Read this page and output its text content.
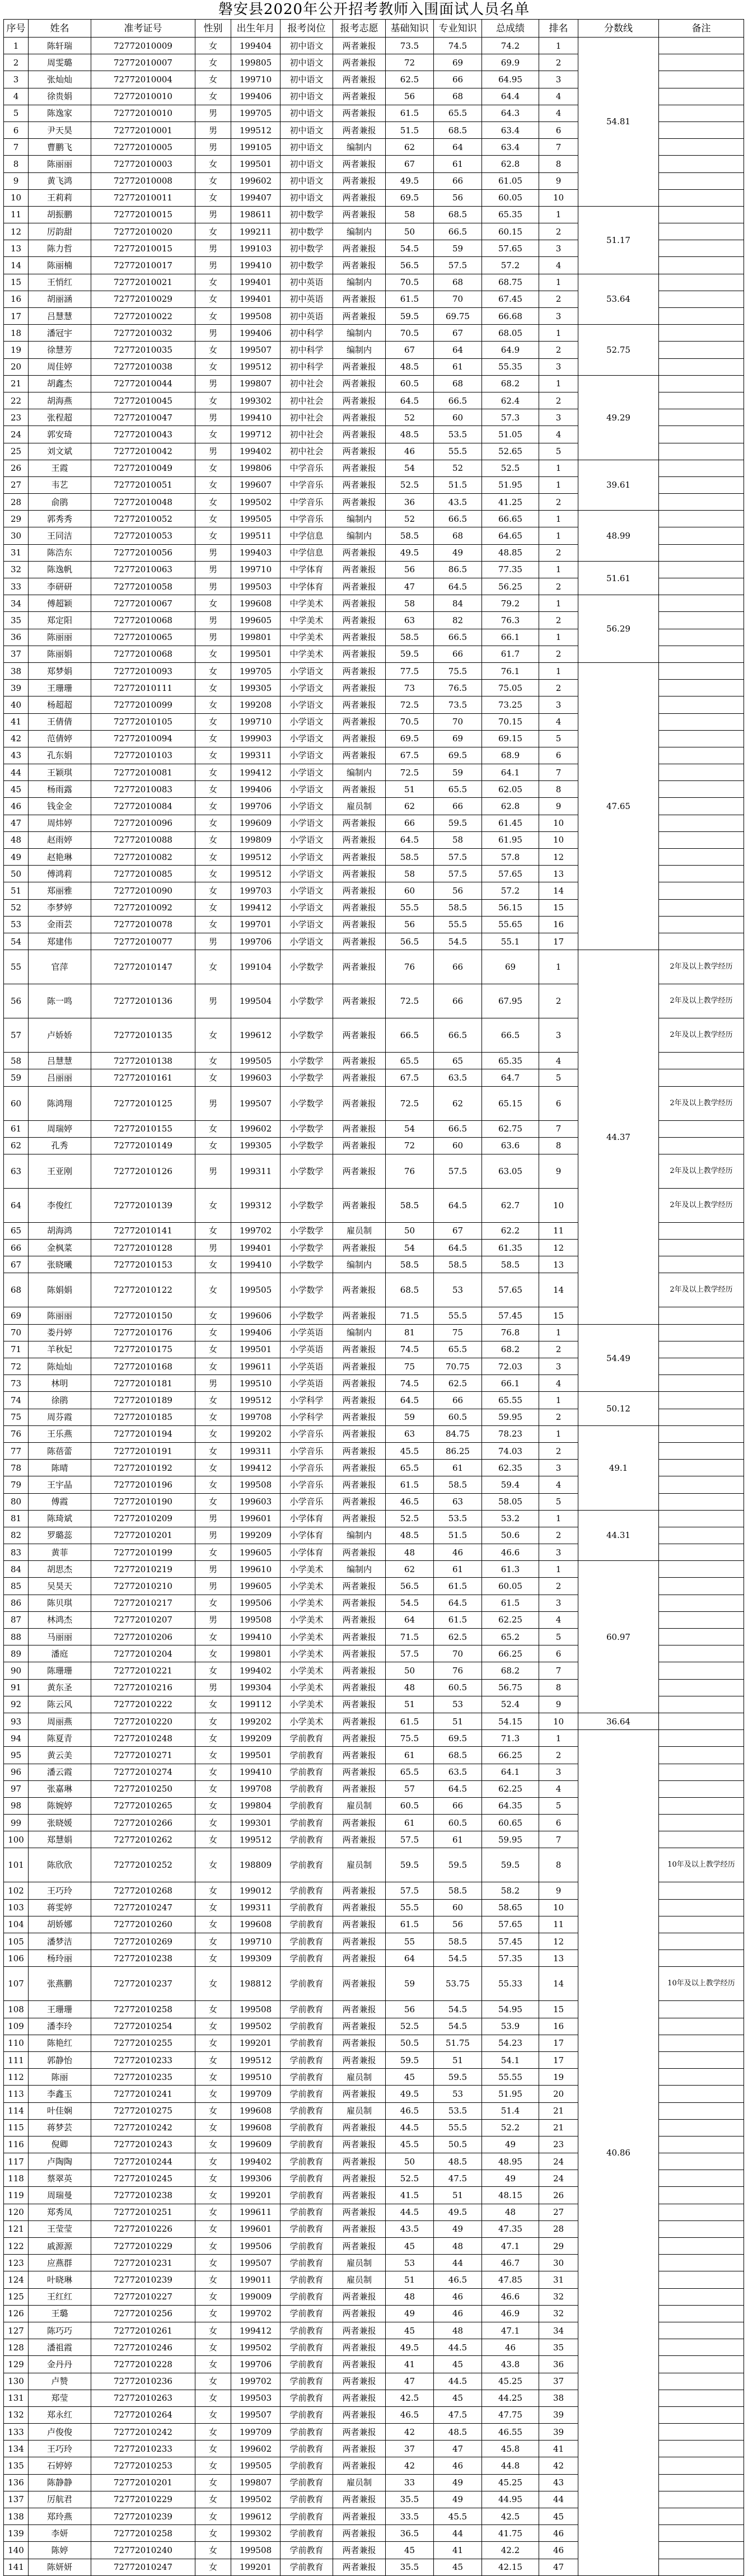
磐安县2020年公开招考教师入围面试人员名单
序号	姓名	准考证号	性别	出生年月	报考岗位	报考志愿	基础知识	专业知识	总成绩	排名	分数线	备注
1	陈轩瑞	72772010009	女	199404	初中语文	两者兼报	73.5	74.5	74.2	1	54.81	
2	周雯璐	72772010007	女	199805	初中语文	两者兼报	72	69	69.9	2		
3	张灿灿	72772010004	女	199710	初中语文	两者兼报	62.5	66	64.95	3		
4	徐贵娟	72772010010	女	199406	初中语文	两者兼报	56	68	64.4	4		
5	陈逸家	72772010010	男	199705	初中语文	两者兼报	61.5	65.5	64.3	4		
6	尹天昊	72772010001	男	199512	初中语文	两者兼报	51.5	68.5	63.4	6		
7	曹鹏飞	72772010005	男	199105	初中语文	编制内	62	64	63.4	7		
8	陈丽丽	72772010003	女	199501	初中语文	两者兼报	67	61	62.8	8		
9	黄飞鸿	72772010008	女	199602	初中语文	两者兼报	49.5	66	61.05	9		
10	王莉莉	72772010011	女	199407	初中语文	两者兼报	69.5	56	60.05	10		
11	胡振鹏	72772010015	男	198611	初中数学	两者兼报	58	68.5	65.35	1	51.17	
12	厉韵甜	72772010020	女	199211	初中数学	编制内	50	66.5	60.15	2		
13	陈力哲	72772010015	男	199103	初中数学	两者兼报	54.5	59	57.65	3		
14	陈丽楠	72772010017	男	199410	初中数学	两者兼报	56.5	57.5	57.2	4		
15	王悄红	72772010021	女	199401	初中英语	编制内	70.5	68	68.75	1	53.64	
16	胡丽涵	72772010029	女	199401	初中英语	两者兼报	61.5	70	67.45	2		
17	吕慧慧	72772010022	女	199508	初中英语	两者兼报	59.5	69.75	66.68	3		
18	潘冠宇	72772010032	男	199406	初中科学	编制内	70.5	67	68.05	1	52.75	
19	徐慧芳	72772010035	女	199507	初中科学	编制内	67	64	64.9	2		
20	周佳婷	72772010038	女	199512	初中科学	两者兼报	48.5	61	55.35	3		
21	胡鑫杰	72772010044	男	199807	初中社会	两者兼报	60.5	68	68.2	1	49.29	
22	胡海燕	72772010045	女	199302	初中社会	两者兼报	64.5	66.5	62.4	2		
23	张程超	72772010047	男	199410	初中社会	两者兼报	52	60	57.3	3		
24	郭安琦	72772010043	女	199712	初中社会	两者兼报	48.5	53.5	51.05	4		
25	刘文斌	72772010042	男	199402	初中社会	两者兼报	46	55.5	52.65	5		
26	王霞	72772010049	女	199806	中学音乐	两者兼报	54	52	52.5	1	39.61	
27	韦艺	72772010051	女	199607	中学音乐	两者兼报	52.5	51.5	51.95	1		
28	俞鹃	72772010048	女	199502	中学音乐	两者兼报	36	43.5	41.25	2		
29	郭秀秀	72772010052	女	199505	中学音乐	编制内	52	66.5	66.65	1	48.99	
30	王同洁	72772010053	女	199511	中学信息	编制内	58.5	68	64.65	1		
31	陈浩东	72772010056	男	199403	中学信息	两者兼报	49.5	49	48.85	2		
32	陈逸帆	72772010063	男	199710	中学体育	两者兼报	56	86.5	77.35	1	51.61	
33	李研研	72772010058	男	199503	中学体育	两者兼报	47	64.5	56.25	2		
34	傅超颖	72772010067	女	199608	中学美术	两者兼报	58	84	79.2	1	56.29	
35	郑定阳	72772010068	男	199605	中学美术	两者兼报	63	82	76.3	2		
36	陈丽丽	72772010065	男	199801	中学美术	两者兼报	58.5	66.5	66.1	1		
37	陈丽娟	72772010068	女	199501	中学美术	两者兼报	59.5	66	61.7	2		
38	郑梦娟	72772010093	女	199705	小学语文	两者兼报	77.5	75.5	76.1	1	47.65	
39	王珊珊	72772010111	女	199305	小学语文	两者兼报	73	76.5	75.05	2		
40	杨超超	72772010099	女	199208	小学语文	两者兼报	72.5	73.5	73.25	3		
41	王倩倩	72772010105	女	199710	小学语文	两者兼报	70.5	70	70.15	4		
42	范倩婷	72772010094	女	199903	小学语文	两者兼报	69.5	69	69.15	5		
43	孔东娟	72772010103	女	199311	小学语文	两者兼报	67.5	69.5	68.9	6		
44	王颖琪	72772010081	女	199412	小学语文	编制内	72.5	59	64.1	7		
45	杨雨露	72772010083	女	199406	小学语文	两者兼报	51	65.5	62.05	8		
46	钱金金	72772010084	女	199706	小学语文	雇员制	62	66	62.8	9		
47	周炜婷	72772010096	女	199609	小学语文	两者兼报	66	59.5	61.45	10		
48	赵雨婷	72772010088	女	199809	小学语文	两者兼报	64.5	58	61.95	10		
49	赵艳琳	72772010082	女	199512	小学语文	两者兼报	58.5	57.5	57.8	12		
50	傅鸿莉	72772010085	女	199512	小学语文	两者兼报	58	57.5	57.65	13		
51	郑丽雅	72772010090	女	199703	小学语文	两者兼报	60	56	57.2	14		
52	李梦婷	72772010092	女	199412	小学语文	两者兼报	55.5	58.5	56.15	15		
53	金雨芸	72772010078	女	199701	小学语文	两者兼报	56	55.5	55.65	16		
54	郑建伟	72772010077	男	199706	小学语文	两者兼报	56.5	54.5	55.1	17		
55	官萍	72772010147	女	199104	小学数学	两者兼报	76	66	69	1	44.37	2年及以上教学经历
56	陈一鸣	72772010136	男	199504	小学数学	两者兼报	72.5	66	67.95	2		2年及以上教学经历
57	卢娇娇	72772010135	女	199612	小学数学	两者兼报	66.5	66.5	66.5	3		2年及以上教学经历
58	吕慧慧	72772010138	女	199505	小学数学	两者兼报	65.5	65	65.35	4		
59	吕丽丽	72772010161	女	199603	小学数学	两者兼报	67.5	63.5	64.7	5		
60	陈鸿翔	72772010125	男	199507	小学数学	两者兼报	72.5	62	65.15	6		2年及以上教学经历
61	周瑞婷	72772010155	女	199602	小学数学	两者兼报	54	66.5	62.75	7		
62	孔秀	72772010149	女	199305	小学数学	两者兼报	72	60	63.6	8		
63	王亚刚	72772010126	男	199311	小学数学	两者兼报	76	57.5	63.05	9		2年及以上教学经历
64	李俊红	72772010139	女	199312	小学数学	两者兼报	58.5	64.5	62.7	10		2年及以上教学经历
65	胡海鸿	72772010141	女	199702	小学数学	雇员制	50	67	62.2	11		
66	金枫菜	72772010128	男	199401	小学数学	两者兼报	54	64.5	61.35	12		
67	张晓曦	72772010153	女	199410	小学数学	编制内	58.5	58.5	58.5	13		
68	陈娟娟	72772010122	女	199505	小学数学	两者兼报	68.5	53	57.65	14		2年及以上教学经历
69	陈丽丽	72772010150	女	199606	小学数学	两者兼报	71.5	55.5	57.45	15		
70	娄丹婷	72772010176	女	199406	小学英语	编制内	81	75	76.8	1	54.49	
71	羊秋妃	72772010175	女	199501	小学英语	两者兼报	74.5	65.5	68.2	2		
72	陈灿灿	72772010168	女	199611	小学英语	两者兼报	75	70.75	72.03	3		
73	林明	72772010181	男	199510	小学英语	两者兼报	74.5	62.5	66.1	4		
74	徐鹃	72772010189	女	199512	小学科学	两者兼报	64.5	66	65.55	1	50.12	
75	周芬霞	72772010185	女	199708	小学科学	两者兼报	59	60.5	59.95	2		
76	王乐燕	72772010194	女	199202	小学音乐	两者兼报	63	84.75	78.23	1	49.1	
77	陈蓓蕾	72772010191	女	199311	小学音乐	两者兼报	45.5	86.25	74.03	2		
78	陈晴	72772010192	女	199412	小学音乐	两者兼报	65.5	61	62.35	3		
79	王宇晶	72772010196	女	199508	小学音乐	两者兼报	61.5	58.5	59.4	4		
80	傅霞	72772010190	女	199603	小学音乐	两者兼报	46.5	63	58.05	5		
81	陈琦斌	72772010209	男	199601	小学体育	两者兼报	52.5	53.5	53.2	1	44.31	
82	罗璐蕊	72772010201	男	199209	小学体育	编制内	48.5	51.5	50.6	2		
83	黄菲	72772010199	女	199605	小学体育	两者兼报	48	46	46.6	3		
84	胡思杰	72772010219	男	199610	小学美术	编制内	62	61	61.3	1	60.97	
85	吴昊天	72772010210	男	199605	小学美术	两者兼报	56.5	61.5	60.05	2		
86	陈贝琪	72772010217	女	199506	小学美术	两者兼报	54.5	64.5	61.5	3		
87	林鸿杰	72772010207	男	199508	小学美术	两者兼报	64	61.5	62.25	4		
88	马丽丽	72772010206	女	199410	小学美术	两者兼报	71.5	62.5	65.2	5		
89	潘庭	72772010204	女	199801	小学美术	两者兼报	57.5	70	66.25	6		
90	陈珊珊	72772010221	女	199402	小学美术	两者兼报	50	76	68.2	7		
91	黄东圣	72772010216	男	199304	小学美术	两者兼报	48	60.5	56.75	8		
92	陈云风	72772010222	女	199112	小学美术	两者兼报	51	53	52.4	9		
93	周丽燕	72772010220	女	199202	小学美术	两者兼报	61.5	51	54.15	10	36.64	
94	陈夏青	72772010248	女	199209	学前教育	两者兼报	75.5	69.5	71.3	1	40.86	
95	黄云美	72772010271	女	199501	学前教育	两者兼报	61	68.5	66.25	2		
96	潘云霞	72772010274	女	199410	学前教育	两者兼报	65.5	63.5	64.1	3		
97	张嘉琳	72772010250	女	199708	学前教育	两者兼报	57	64.5	62.25	4		
98	陈婉婷	72772010265	女	199804	学前教育	雇员制	60.5	66	64.35	5		
99	张晓媛	72772010266	女	199301	学前教育	两者兼报	61	60.5	60.65	6		
100	郑慧娟	72772010262	女	199512	学前教育	两者兼报	57.5	61	59.95	7		
101	陈欣欣	72772010252	女	198809	学前教育	雇员制	59.5	59.5	59.5	8		10年及以上教学经历
102	王巧玲	72772010268	女	199012	学前教育	两者兼报	57.5	58.5	58.2	9		
103	蒋雯婷	72772010247	女	199311	学前教育	两者兼报	55.5	60	58.65	10		
104	胡娇娜	72772010260	女	199608	学前教育	两者兼报	61.5	56	57.65	11		
105	潘梦洁	72772010269	女	199710	学前教育	两者兼报	55	58.5	57.45	12		
106	杨玲丽	72772010238	女	199309	学前教育	两者兼报	64	54.5	57.35	13		
107	张燕鹏	72772010237	女	198812	学前教育	两者兼报	59	53.75	55.33	14		10年及以上教学经历
108	王珊珊	72772010258	女	199508	学前教育	两者兼报	56	54.5	54.95	15		
109	潘李玲	72772010254	女	199502	学前教育	两者兼报	52.5	54.5	53.9	16		
110	陈艳红	72772010255	女	199201	学前教育	两者兼报	50.5	51.75	54.23	17		
111	郭静怡	72772010233	女	199512	学前教育	两者兼报	59.5	51	54.1	17		
112	陈丽	72772010235	女	199510	学前教育	雇员制	45	59.5	55.55	19		
113	李鑫玉	72772010241	女	199709	学前教育	两者兼报	49.5	53	51.95	20		
114	叶佳娴	72772010275	女	199608	学前教育	雇员制	46.5	53.5	51.4	21		
115	蒋梦芸	72772010242	女	199608	学前教育	两者兼报	44.5	55.5	52.2	21		
116	倪卿	72772010243	女	199609	学前教育	两者兼报	45.5	50.5	49	23		
117	卢陶陶	72772010244	女	199402	学前教育	两者兼报	50	48.5	48.95	24		
118	蔡翠英	72772010245	女	199306	学前教育	两者兼报	52.5	47.5	49	24		
119	周瑞曼	72772010238	女	199201	学前教育	两者兼报	41.5	51	48.15	26		
120	郑秀凤	72772010251	女	199611	学前教育	两者兼报	44.5	49.5	48	27		
121	王莹莹	72772010226	女	199601	学前教育	两者兼报	43.5	49	47.35	28		
122	戚源源	72772010229	女	199506	学前教育	两者兼报	45	48	47.1	29		
123	应燕群	72772010231	女	199507	学前教育	雇员制	53	44	46.7	30		
124	叶晓琳	72772010239	女	199011	学前教育	雇员制	51	46.5	47.85	31		
125	王红红	72772010227	女	199009	学前教育	两者兼报	48	46	46.6	32		
126	王璐	72772010256	女	199702	学前教育	两者兼报	49	46	46.9	32		
127	陈巧巧	72772010261	女	199412	学前教育	两者兼报	45	48	47.1	34		
128	潘祖霞	72772010246	女	199502	学前教育	两者兼报	49.5	44.5	46	35		
129	金丹丹	72772010228	女	199706	学前教育	两者兼报	41	45	43.8	36		
130	卢赞	72772010236	女	199702	学前教育	两者兼报	47	44.5	45.25	37		
131	郑莹	72772010263	女	199503	学前教育	两者兼报	42.5	45	44.25	38		
132	郑永红	72772010264	女	199507	学前教育	两者兼报	46.5	47.5	47.75	39		
133	卢俊俊	72772010242	女	199709	学前教育	两者兼报	42	48.5	46.55	39		
134	王巧玲	72772010233	女	199602	学前教育	两者兼报	37	47	45.8	41		
135	石婷婷	72772010253	女	199505	学前教育	两者兼报	42	46	44.8	42		
136	陈静静	72772010201	女	199807	学前教育	雇员制	33	49	45.25	43		
137	厉航君	72772010229	女	199502	学前教育	两者兼报	35.5	49	44.95	44		
138	郑玲燕	72772010239	女	199612	学前教育	两者兼报	33.5	45.5	42.5	45		
139	李妍	72772010258	女	199302	学前教育	两者兼报	36.5	44	41.75	46		
140	陈婷	72772010240	女	199508	学前教育	两者兼报	45	41	42.2	46		
141	陈妍妍	72772010247	女	199201	学前教育	两者兼报	35.5	45	42.15	47		
